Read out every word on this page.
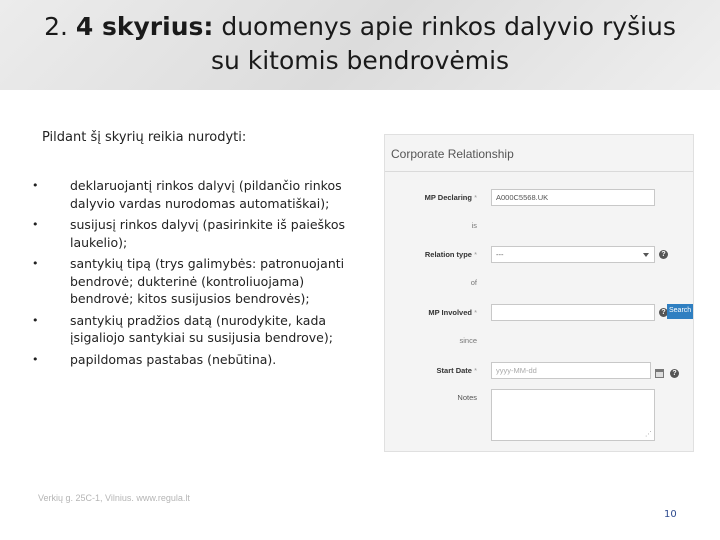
2. 4 skyrius: duomenys apie rinkos dalyvio ryšius
su kitomis bendrovėmis
Pildant šį skyrių reikia nurodyti:
•	deklaruojantį rinkos dalyvį (pildančio rinkos dalyvio vardas nurodomas automatiškai);
•	susijusį rinkos dalyvį (pasirinkite iš paieškos laukelio);
•	santykių tipą (trys galimybės: patronuojanti bendrovė; dukterinė (kontroliuojama) bendrovė; kitos susijusios bendrovės);
•	santykių pradžios datą (nurodykite, kada įsigaliojo santykiai su susijusia bendrove);
•	papildomas pastabas (nebūtina).
Corporate Relationship
MP Declaring *	A000C5568.UK
is
Relation type *	---	?
of
MP Involved *	? Search
since
Start Date *	yyyy-MM-dd	?
Notes
⋰
Verkių g. 25C-1, Vilnius. www.regula.lt
10
